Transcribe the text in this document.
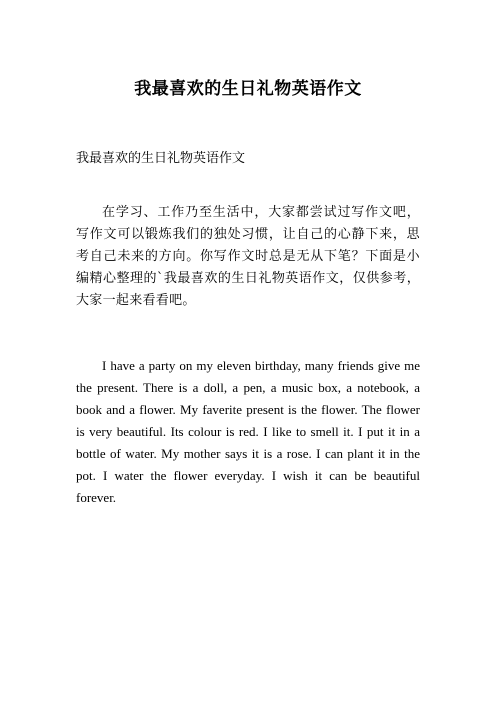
我最喜欢的生日礼物英语作文
我最喜欢的生日礼物英语作文

在学习、工作乃至生活中，大家都尝试过写作文吧，写作文可以锻炼我们的独处习惯，让自己的心静下来，思考自己未来的方向。你写作文时总是无从下笔？下面是小编精心整理的`我最喜欢的生日礼物英语作文，仅供参考，大家一起来看看吧。

I have a party on my eleven birthday, many friends give me the present. There is a doll, a pen, a music box, a notebook, a book and a flower. My faverite present is the flower. The flower is very beautiful. Its colour is red. I like to smell it. I put it in a bottle of water. My mother says it is a rose. I can plant it in the pot. I water the flower everyday. I wish it can be beautiful forever.
